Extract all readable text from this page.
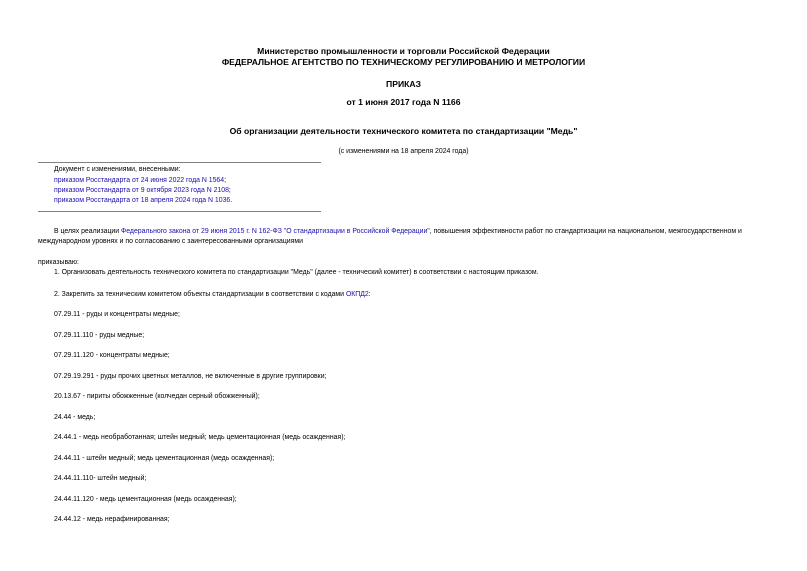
Министерство промышленности и торговли Российской Федерации
ФЕДЕРАЛЬНОЕ АГЕНТСТВО ПО ТЕХНИЧЕСКОМУ РЕГУЛИРОВАНИЮ И МЕТРОЛОГИИ
ПРИКАЗ
от 1 июня 2017 года N 1166
Об организации деятельности технического комитета по стандартизации "Медь"
(с изменениями на 18 апреля 2024 года)
Документ с изменениями, внесенными:
приказом Росстандарта от 24 июня 2022 года N 1564;
приказом Росстандарта от 9 октября 2023 года N 2108;
приказом Росстандарта от 18 апреля 2024 года N 1036.
В целях реализации Федерального закона от 29 июня 2015 г. N 162-ФЗ "О стандартизации в Российской Федерации", повышения эффективности работ по стандартизации на национальном, межгосударственном и международном уровнях и по согласованию с заинтересованными организациями
приказываю:
1. Организовать деятельность технического комитета по стандартизации "Медь" (далее - технический комитет) в соответствии с настоящим приказом.
2. Закрепить за техническим комитетом объекты стандартизации в соответствии с кодами ОКПД2:
07.29.11 - руды и концентраты медные;
07.29.11.110 - руды медные;
07.29.11.120 - концентраты медные;
07.29.19.291 - руды прочих цветных металлов, не включенные в другие группировки;
20.13.67 - пириты обожженные (колчедан серный обожженный);
24.44 - медь;
24.44.1 - медь необработанная; штейн медный; медь цементационная (медь осажденная);
24.44.11 - штейн медный; медь цементационная (медь осажденная);
24.44.11.110- штейн медный;
24.44.11.120 - медь цементационная (медь осажденная);
24.44.12 - медь нерафинированная;
